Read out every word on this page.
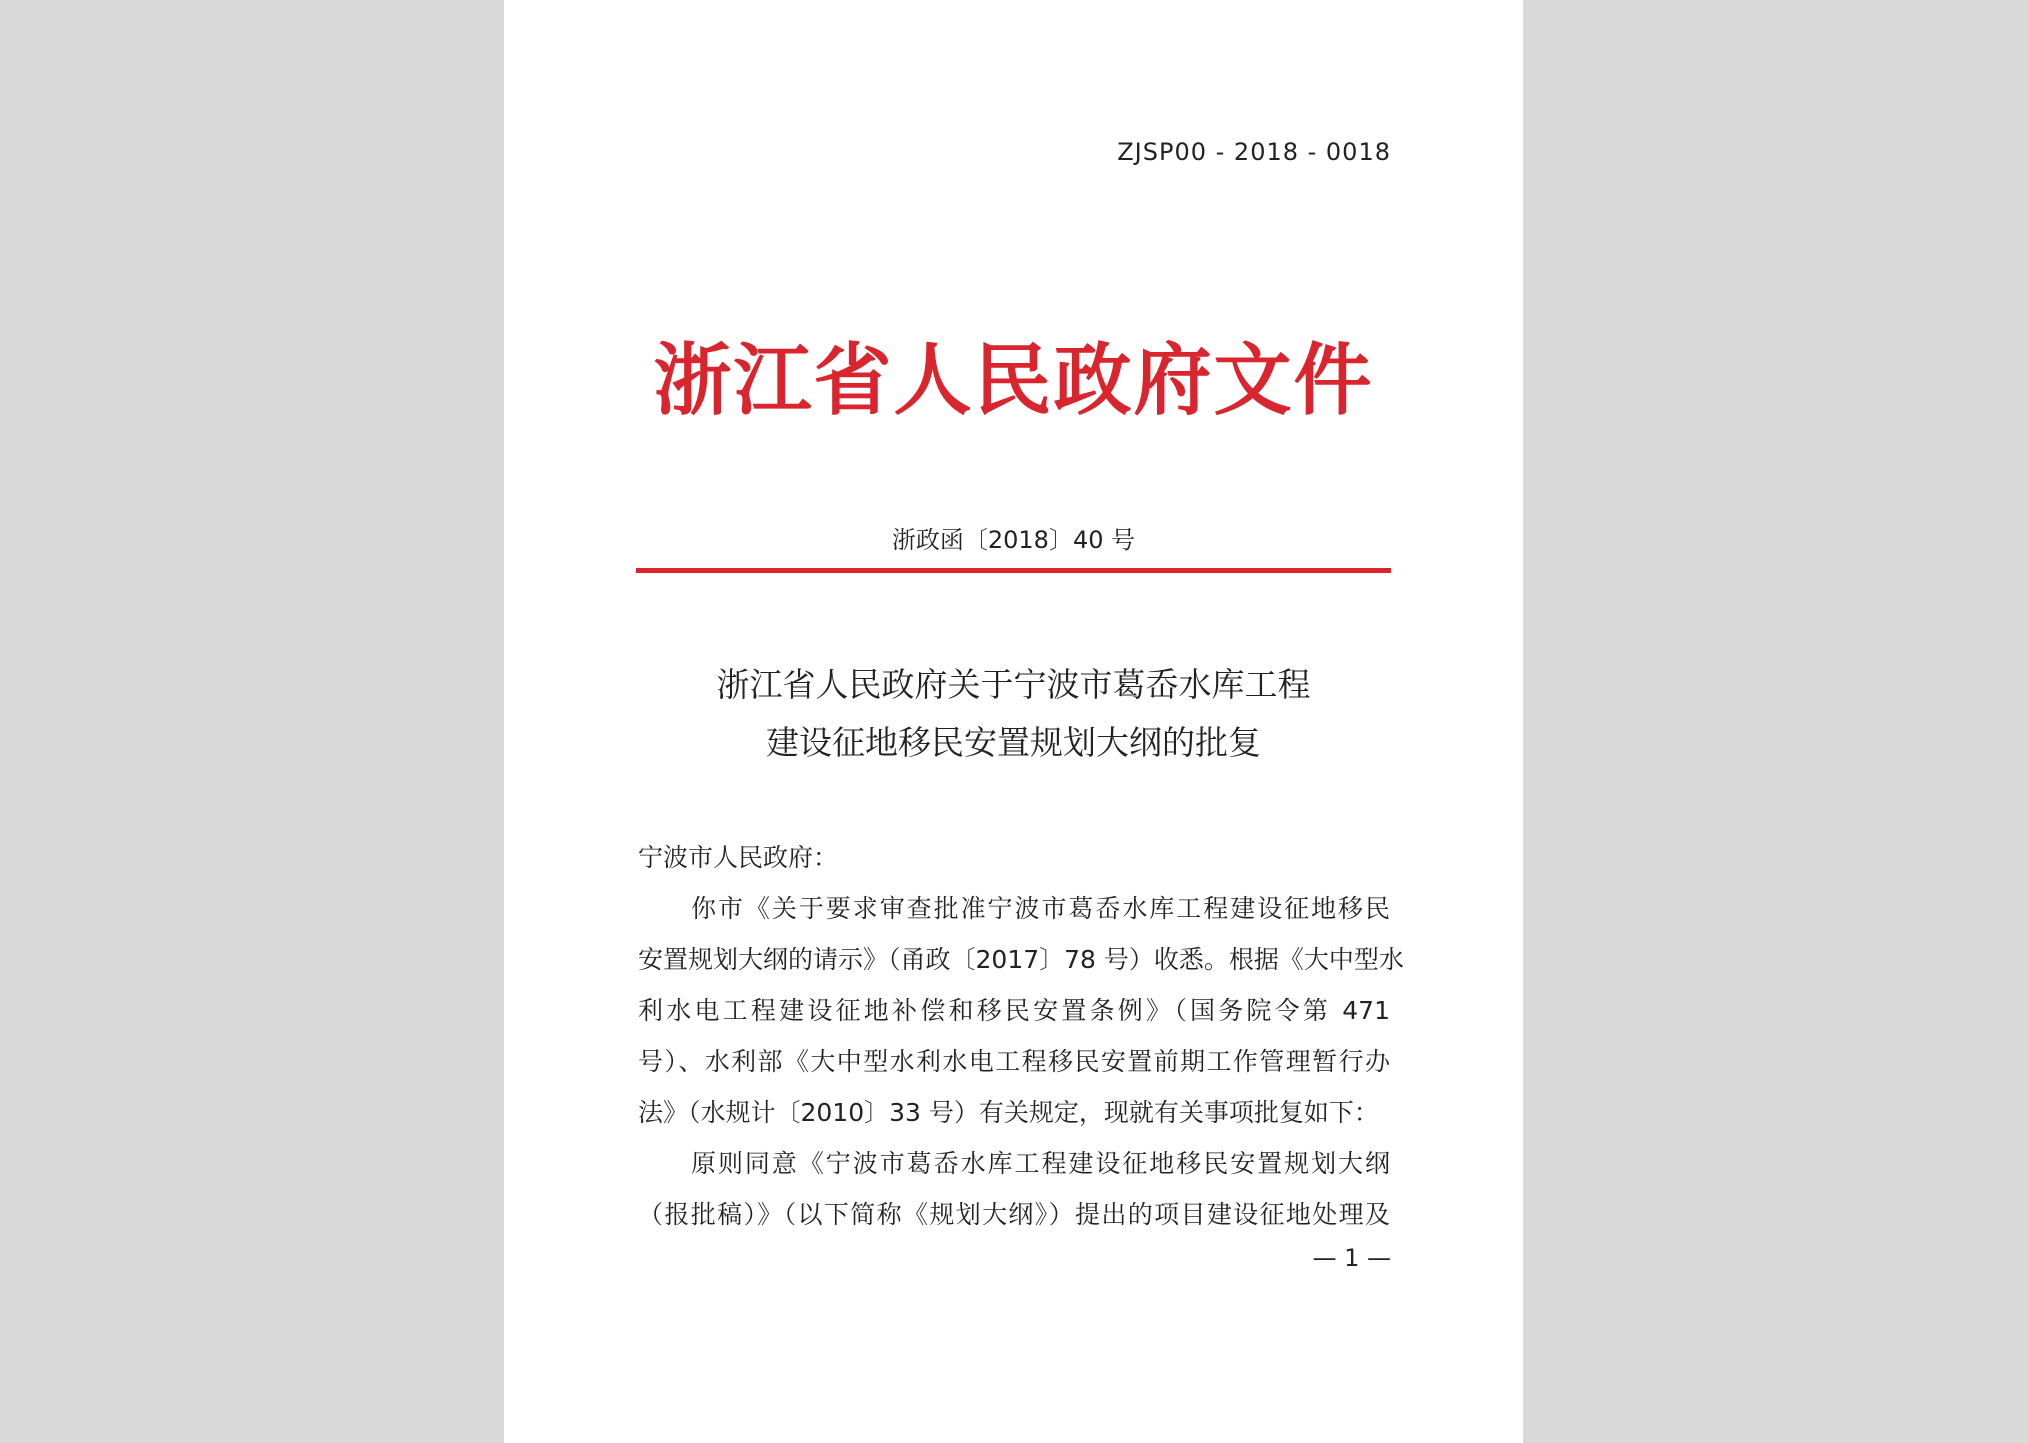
ZJSP00 - 2018 - 0018
浙江省人民政府文件
浙政函〔2018〕40 号
浙江省人民政府关于宁波市葛岙水库工程
建设征地移民安置规划大纲的批复
宁波市人民政府：
你市《关于要求审查批准宁波市葛岙水库工程建设征地移民
安置规划大纲的请示》（甬政〔2017〕78 号）收悉。根据《大中型水
利水电工程建设征地补偿和移民安置条例》（国务院令第 471
号）、水利部《大中型水利水电工程移民安置前期工作管理暂行办
法》（水规计〔2010〕33 号）有关规定，现就有关事项批复如下：
原则同意《宁波市葛岙水库工程建设征地移民安置规划大纲
（报批稿）》（以下简称《规划大纲》）提出的项目建设征地处理及
— 1 —
